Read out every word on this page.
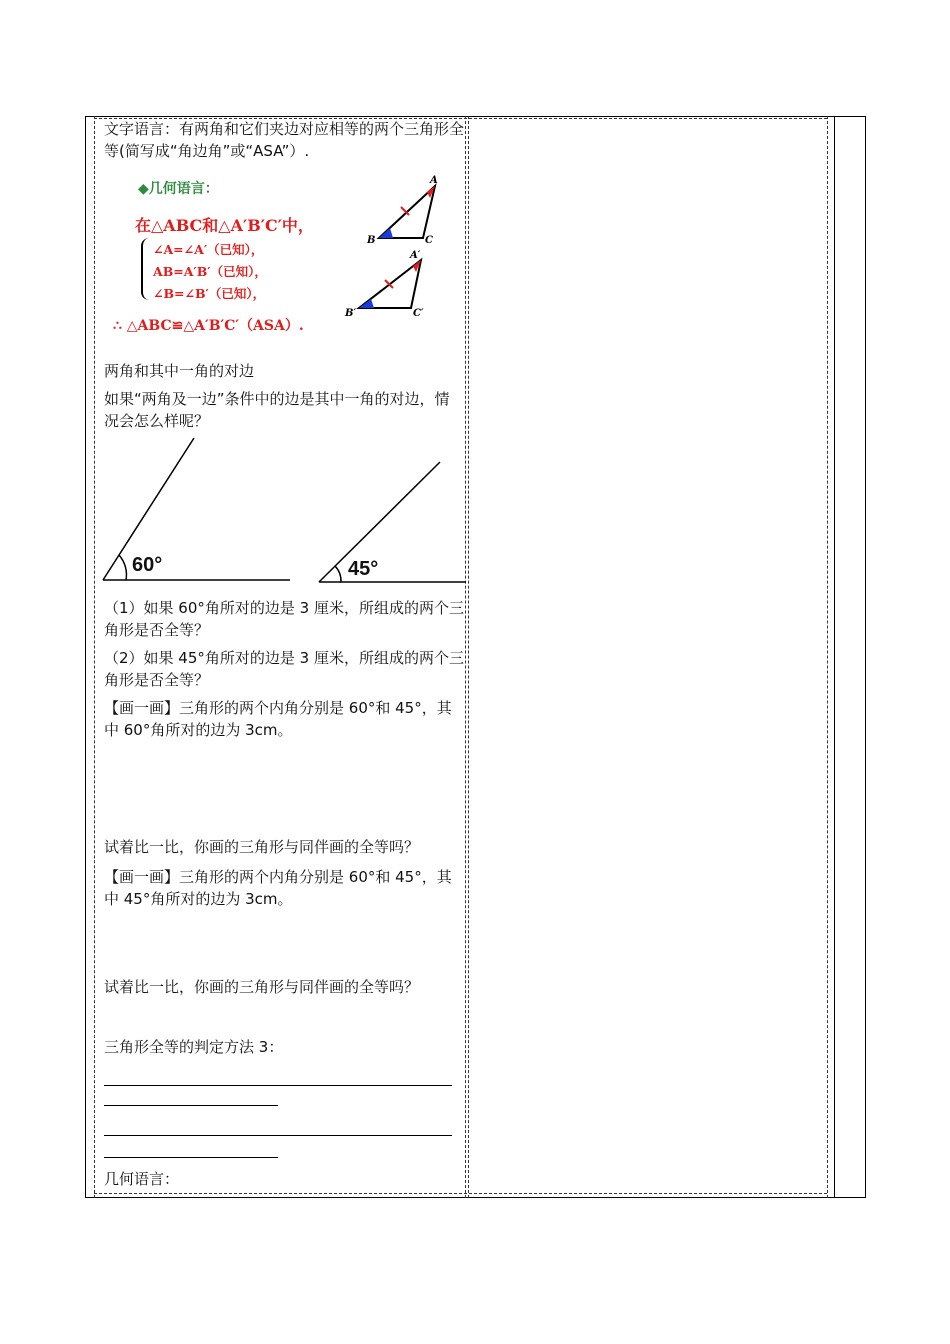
文字语言：有两角和它们夹边对应相等的两个三角形全等(简写成“角边角”或“ASA”）.
◆几何语言：
在△ABC和△A′B′C′中，
∠A=∠A′（已知），
AB=A′B′（已知），
∠B=∠B′（已知），
∴ △ABC≌△A′B′C′（ASA）.
A
B	C
A′
B′	C′
两角和其中一角的对边
如果“两角及一边”条件中的边是其中一角的对边，情况会怎么样呢？
60°	45°
（1）如果 60°角所对的边是 3 厘米，所组成的两个三角形是否全等？
（2）如果 45°角所对的边是 3 厘米，所组成的两个三角形是否全等？
【画一画】三角形的两个内角分别是 60°和 45°，其中 60°角所对的边为 3cm。
试着比一比，你画的三角形与同伴画的全等吗？
【画一画】三角形的两个内角分别是 60°和 45°，其中 45°角所对的边为 3cm。
试着比一比，你画的三角形与同伴画的全等吗？
三角形全等的判定方法 3：
几何语言：
